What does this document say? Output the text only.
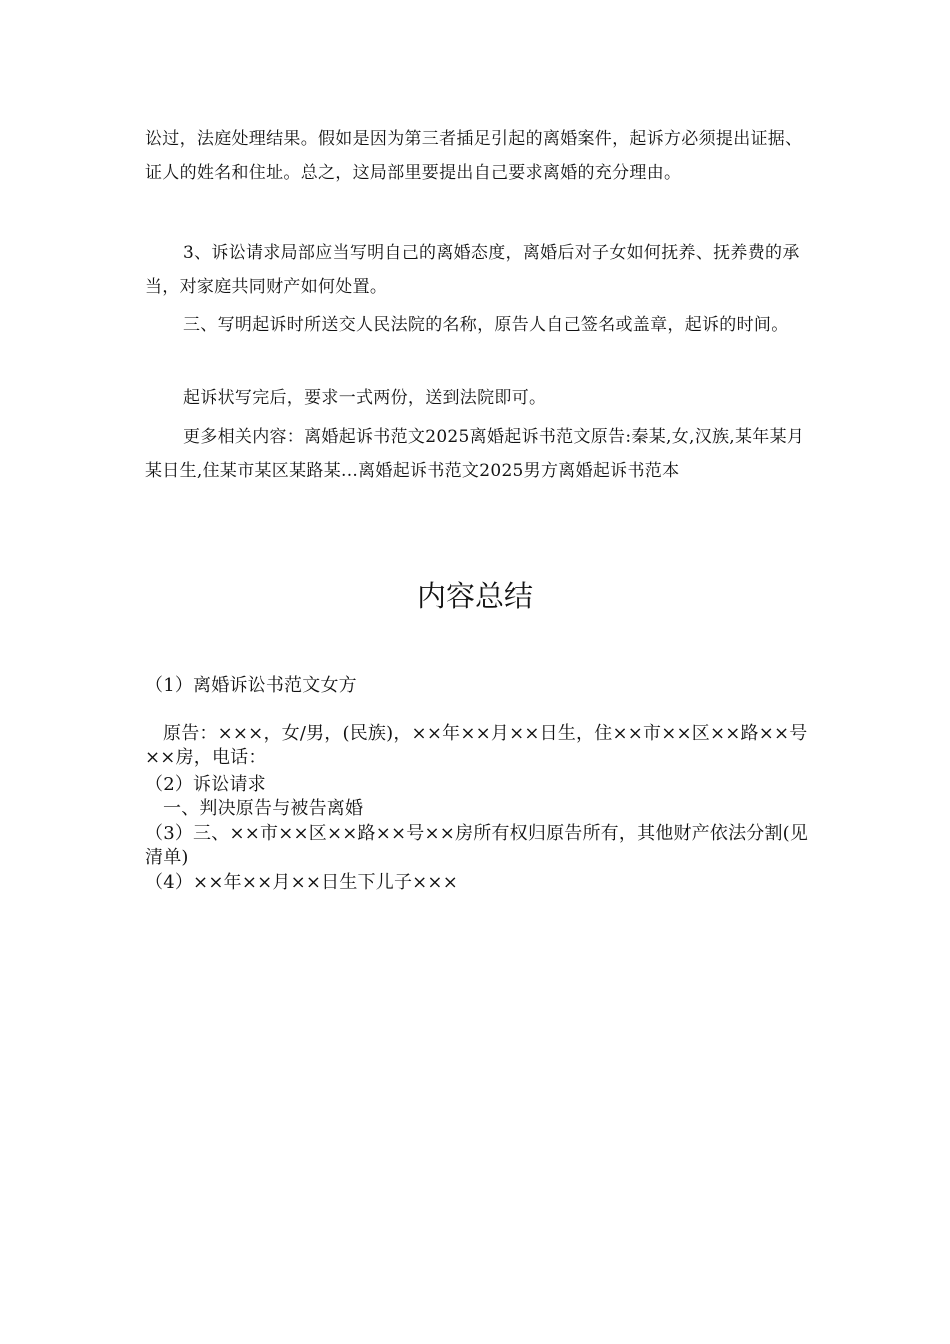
讼过，法庭处理结果。假如是因为第三者插足引起的离婚案件，起诉方必须提出证据、证人的姓名和住址。总之，这局部里要提出自己要求离婚的充分理由。

3、诉讼请求局部应当写明自己的离婚态度，离婚后对子女如何抚养、抚养费的承当，对家庭共同财产如何处置。

三、写明起诉时所送交人民法院的名称，原告人自己签名或盖章，起诉的时间。

起诉状写完后，要求一式两份，送到法院即可。

更多相关内容：离婚起诉书范文2025离婚起诉书范文原告:秦某,女,汉族,某年某月某日生,住某市某区某路某...离婚起诉书范文2025男方离婚起诉书范本

内容总结

（1）离婚诉讼书范文女方

原告：×××，女/男，(民族)，××年××月××日生，住××市××区××路××号××房，电话：

（2）诉讼请求

一、判决原告与被告离婚

（3）三、××市××区××路××号××房所有权归原告所有，其他财产依法分割(见清单)

（4）××年××月××日生下儿子×××
